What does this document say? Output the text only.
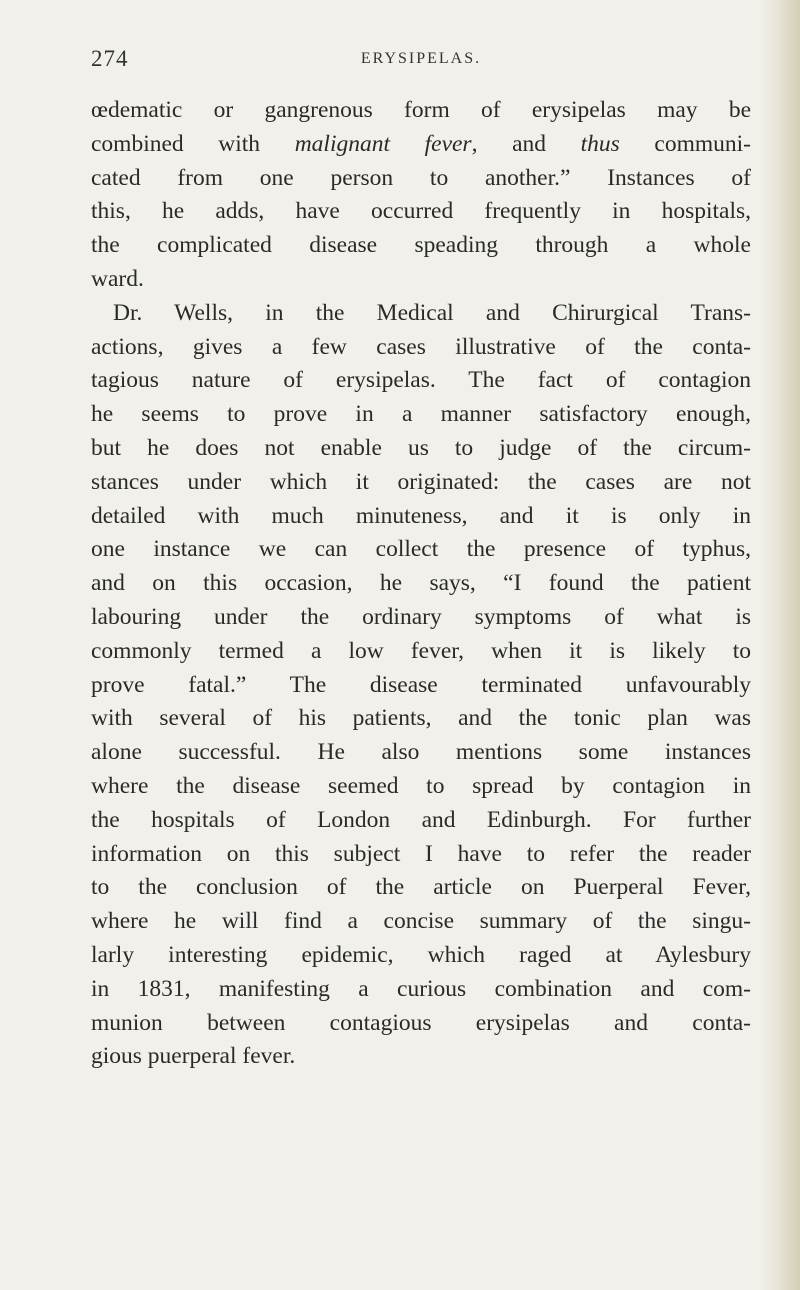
274	ERYSIPELAS.
œdematic or gangrenous form of erysipelas may be
combined with malignant fever, and thus communi-
cated from one person to another.” Instances of
this, he adds, have occurred frequently in hospitals,
the complicated disease speading through a whole
ward.
Dr. Wells, in the Medical and Chirurgical Trans-
actions, gives a few cases illustrative of the conta-
tagious nature of erysipelas. The fact of contagion
he seems to prove in a manner satisfactory enough,
but he does not enable us to judge of the circum-
stances under which it originated: the cases are not
detailed with much minuteness, and it is only in
one instance we can collect the presence of typhus,
and on this occasion, he says, “I found the patient
labouring under the ordinary symptoms of what is
commonly termed a low fever, when it is likely to
prove fatal.” The disease terminated unfavourably
with several of his patients, and the tonic plan was
alone successful. He also mentions some instances
where the disease seemed to spread by contagion in
the hospitals of London and Edinburgh. For further
information on this subject I have to refer the reader
to the conclusion of the article on Puerperal Fever,
where he will find a concise summary of the singu-
larly interesting epidemic, which raged at Aylesbury
in 1831, manifesting a curious combination and com-
munion between contagious erysipelas and conta-
gious puerperal fever.
